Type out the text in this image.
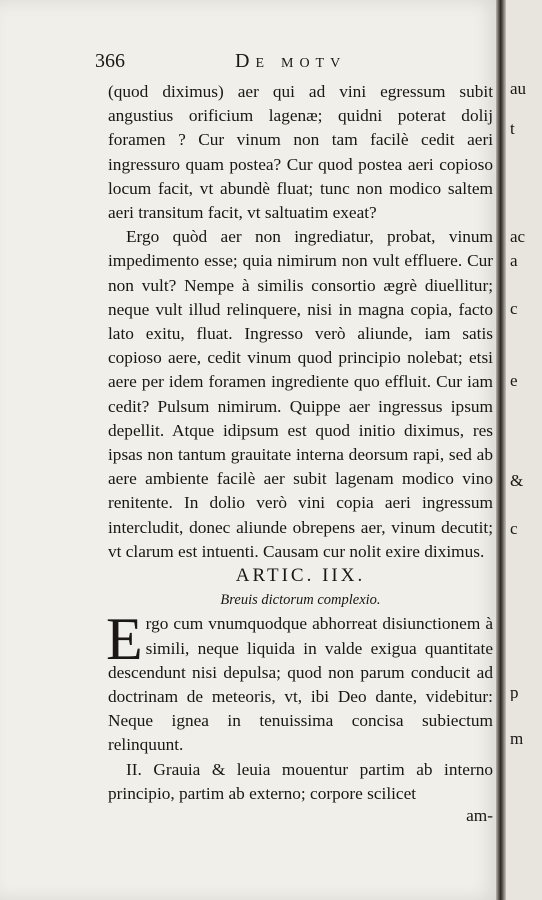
au
t
ac
a
c
e
&
c
p
m
366	De motv

(quod diximus) aer qui ad vini egressum subit angustius orificium lagenæ; quidni poterat dolij foramen ? Cur vinum non tam facilè cedit aeri ingressuro quam postea? Cur quod postea aeri copioso locum facit, vt abundè fluat; tunc non modico saltem aeri transitum facit, vt saltuatim exeat?

Ergo quòd aer non ingrediatur, probat, vinum impedimento esse; quia nimirum non vult effluere. Cur non vult? Nempe à similis consortio ægrè diuellitur; neque vult illud relinquere, nisi in magna copia, facto lato exitu, fluat. Ingresso verò aliunde, iam satis copioso aere, cedit vinum quod principio nolebat; etsi aere per idem foramen ingrediente quo effluit. Cur iam cedit? Pulsum nimirum. Quippe aer ingressus ipsum depellit. Atque idipsum est quod initio diximus, res ipsas non tantum grauitate interna deorsum rapi, sed ab aere ambiente facilè aer subit lagenam modico vino renitente. In dolio verò vini copia aeri ingressum intercludit, donec aliunde obrepens aer, vinum decutit; vt clarum est intuenti. Causam cur nolit exire diximus.

ARTIC. IIX.

Breuis dictorum complexio.

Ergo cum vnumquodque abhorreat disiunctionem à simili, neque liquida in valde exigua quantitate descendunt nisi depulsa; quod non parum conducit ad doctrinam de meteoris, vt, ibi Deo dante, videbitur: Neque ignea in tenuissima concisa subiectum relinquunt.

II. Grauia & leuia mouentur partim ab interno principio, partim ab externo; corpore scilicet

am-
